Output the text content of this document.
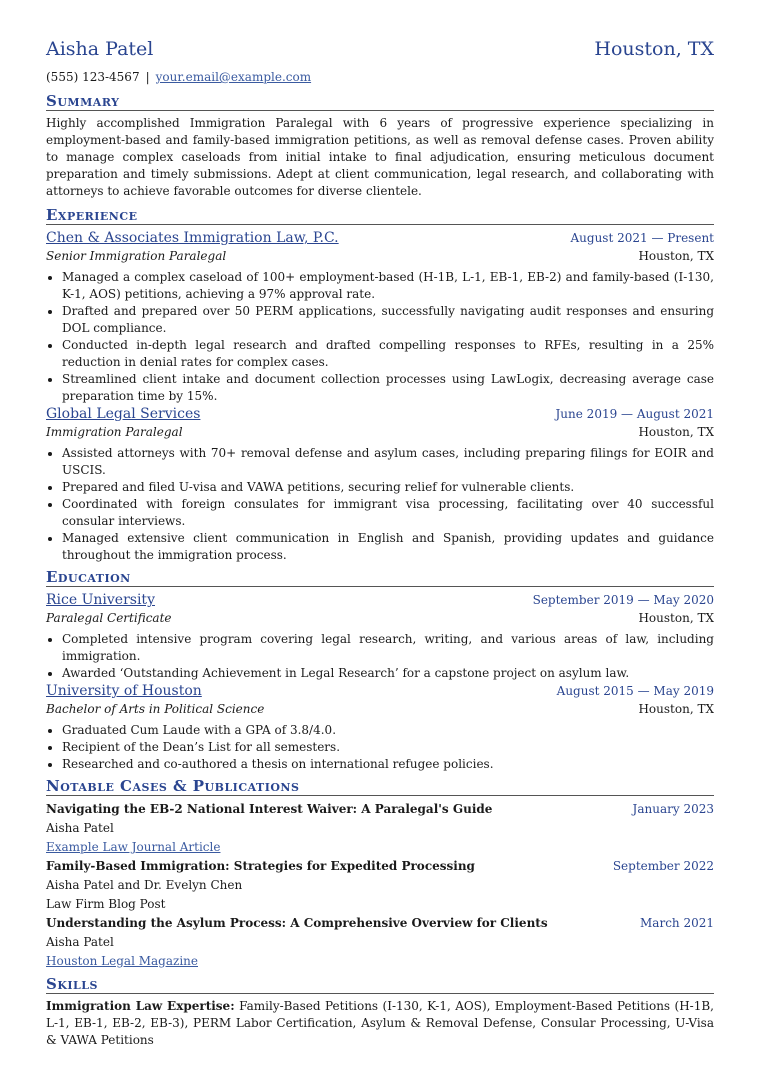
Aisha Patel	Houston, TX
(555) 123-4567 | your.email@example.com
Summary
Highly accomplished Immigration Paralegal with 6 years of progressive experience specializing in employment-based and family-based immigration petitions, as well as removal defense cases. Proven ability to manage complex caseloads from initial intake to final adjudication, ensuring meticulous document preparation and timely submissions. Adept at client communication, legal research, and collaborating with attorneys to achieve favorable outcomes for diverse clientele.
Experience
Chen & Associates Immigration Law, P.C.	August 2021 — Present
Senior Immigration Paralegal	Houston, TX
• Managed a complex caseload of 100+ employment-based (H-1B, L-1, EB-1, EB-2) and family-based (I-130, K-1, AOS) petitions, achieving a 97% approval rate.
• Drafted and prepared over 50 PERM applications, successfully navigating audit responses and ensuring DOL compliance.
• Conducted in-depth legal research and drafted compelling responses to RFEs, resulting in a 25% reduction in denial rates for complex cases.
• Streamlined client intake and document collection processes using LawLogix, decreasing average case preparation time by 15%.
Global Legal Services	June 2019 — August 2021
Immigration Paralegal	Houston, TX
• Assisted attorneys with 70+ removal defense and asylum cases, including preparing filings for EOIR and USCIS.
• Prepared and filed U-visa and VAWA petitions, securing relief for vulnerable clients.
• Coordinated with foreign consulates for immigrant visa processing, facilitating over 40 successful consular interviews.
• Managed extensive client communication in English and Spanish, providing updates and guidance throughout the immigration process.
Education
Rice University	September 2019 — May 2020
Paralegal Certificate	Houston, TX
• Completed intensive program covering legal research, writing, and various areas of law, including immigration.
• Awarded ‘Outstanding Achievement in Legal Research’ for a capstone project on asylum law.
University of Houston	August 2015 — May 2019
Bachelor of Arts in Political Science	Houston, TX
• Graduated Cum Laude with a GPA of 3.8/4.0.
• Recipient of the Dean’s List for all semesters.
• Researched and co-authored a thesis on international refugee policies.
Notable Cases & Publications
Navigating the EB-2 National Interest Waiver: A Paralegal's Guide	January 2023
Aisha Patel
Example Law Journal Article
Family-Based Immigration: Strategies for Expedited Processing	September 2022
Aisha Patel and Dr. Evelyn Chen
Law Firm Blog Post
Understanding the Asylum Process: A Comprehensive Overview for Clients	March 2021
Aisha Patel
Houston Legal Magazine
Skills
Immigration Law Expertise: Family-Based Petitions (I-130, K-1, AOS), Employment-Based Petitions (H-1B, L-1, EB-1, EB-2, EB-3), PERM Labor Certification, Asylum & Removal Defense, Consular Processing, U-Visa & VAWA Petitions
